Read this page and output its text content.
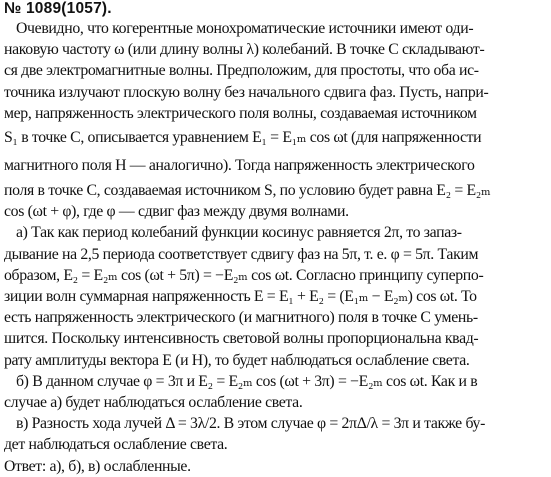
№ 1089(1057).
Очевидно, что когерентные монохроматические источники имеют оди-
наковую частоту ω (или длину волны λ) колебаний. В точке C складывают-
ся две электромагнитные волны. Предположим, для простоты, что оба ис-
точника излучают плоскую волну без начального сдвига фаз. Пусть, напри-
мер, напряженность электрического поля волны, создаваемая источником
S₁ в точке C, описывается уравнением E₁ = E₁ₘ cos ωt (для напряженности
магнитного поля H — аналогично). Тогда напряженность электрического
поля в точке C, создаваемая источником S, по условию будет равна E₂ = E₂ₘ
cos (ωt + φ), где φ — сдвиг фаз между двумя волнами.
а) Так как период колебаний функции косинус равняется 2π, то запаз-
дывание на 2,5 периода соответствует сдвигу фаз на 5π, т. е. φ = 5π. Таким
образом, E₂ = E₂ₘ cos (ωt + 5π) = −E₂ₘ cos ωt. Согласно принципу суперпо-
зиции волн суммарная напряженность E = E₁ + E₂ = (E₁ₘ − E₂ₘ) cos ωt. То
есть напряженность электрического (и магнитного) поля в точке C умень-
шится. Поскольку интенсивность световой волны пропорциональна квад-
рату амплитуды вектора E (и H), то будет наблюдаться ослабление света.
б) В данном случае φ = 3π и E₂ = E₂ₘ cos (ωt + 3π) = −E₂ₘ cos ωt. Как и в
случае а) будет наблюдаться ослабление света.
в) Разность хода лучей Δ = 3λ/2. В этом случае φ = 2πΔ/λ = 3π и также бу-
дет наблюдаться ослабление света.
Ответ: а), б), в) ослабленные.
